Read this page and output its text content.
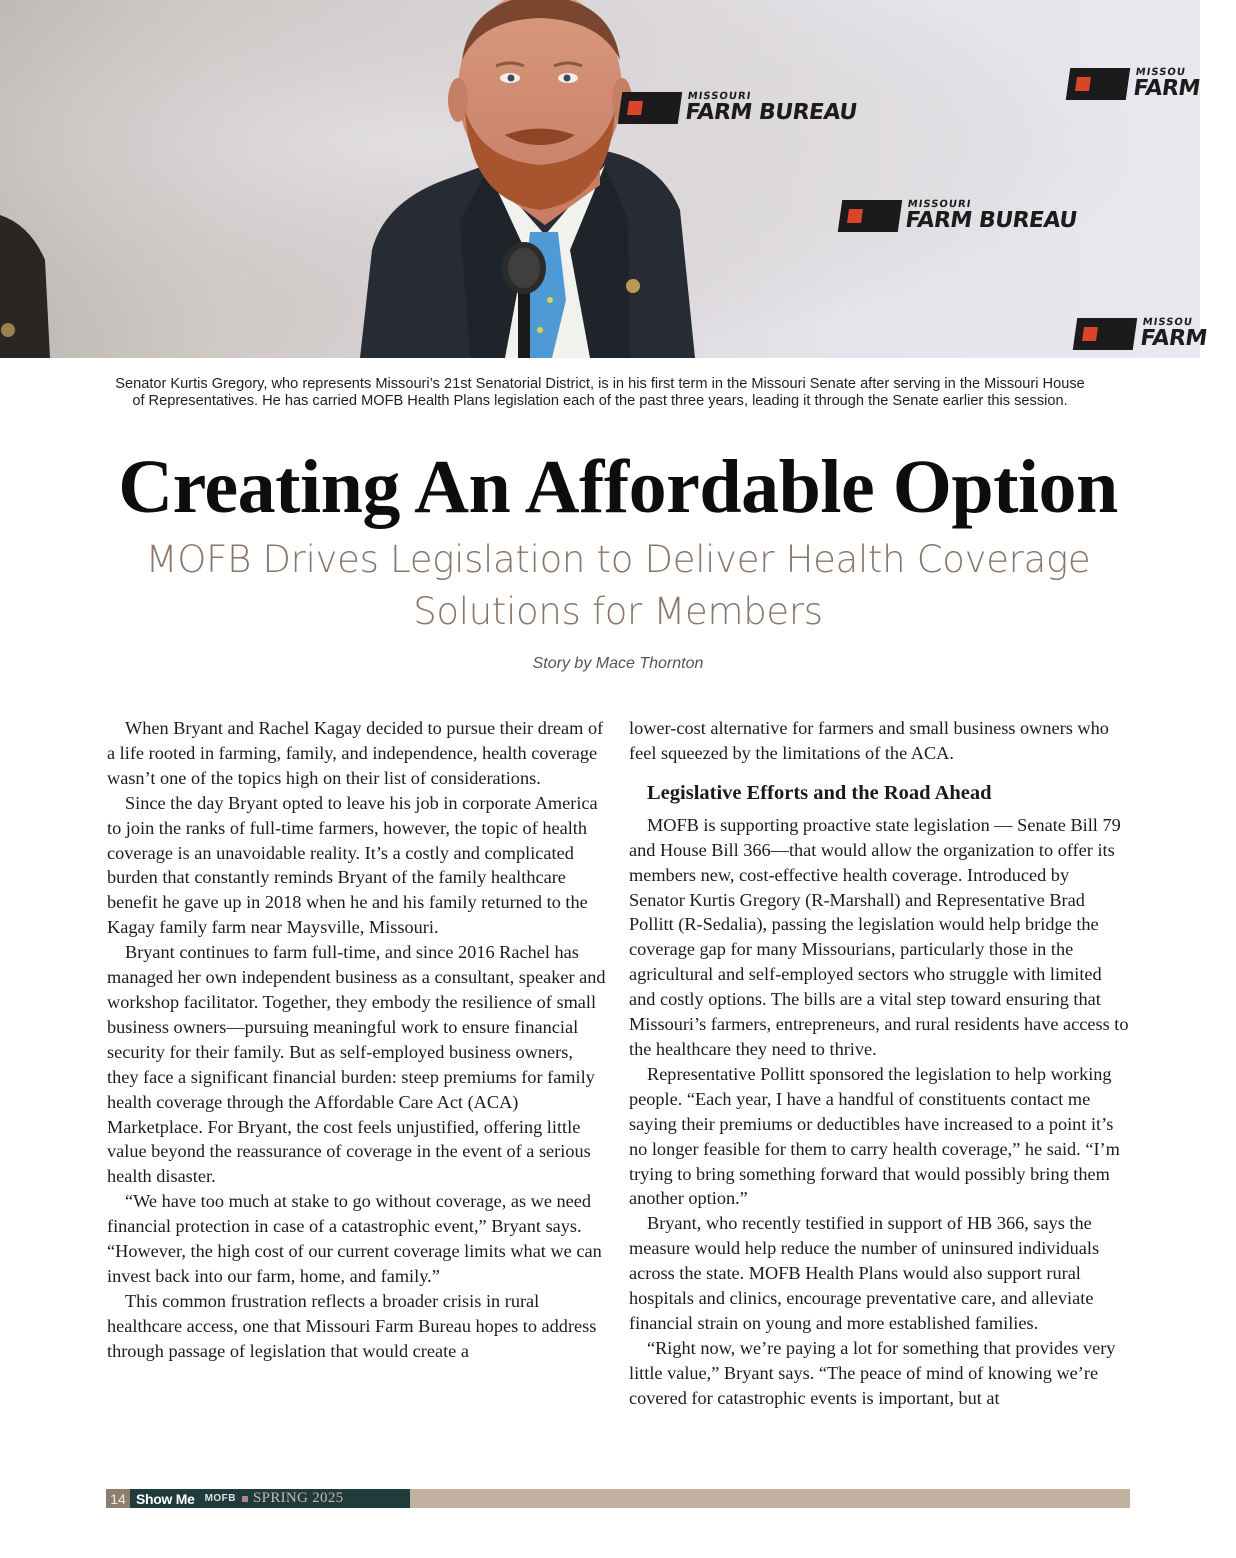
MISSOURI
FARM BUREAU
MISSOURI
FARM BUREAU
MISSOU
FARM
MISSOU
FARM
Senator Kurtis Gregory, who represents Missouri’s 21st Senatorial District, is in his first term in the Missouri Senate after serving in the Missouri House
of Representatives. He has carried MOFB Health Plans legislation each of the past three years, leading it through the Senate earlier this session.
Creating An Affordable Option
MOFB Drives Legislation to Deliver Health Coverage
Solutions for Members
Story by Mace Thornton

When Bryant and Rachel Kagay decided to pursue their dream of a life rooted in farming, family, and independence, health coverage wasn’t one of the topics high on their list of considerations.

Since the day Bryant opted to leave his job in corporate America to join the ranks of full-time farmers, however, the topic of health coverage is an unavoidable reality. It’s a costly and complicated burden that constantly reminds Bryant of the family healthcare benefit he gave up in 2018 when he and his family returned to the Kagay family farm near Maysville, Missouri.

Bryant continues to farm full-time, and since 2016 Rachel has managed her own independent business as a consultant, speaker and workshop facilitator. Together, they embody the resilience of small business owners—pursuing meaningful work to ensure financial security for their family. But as self-employed business owners, they face a significant financial burden: steep premiums for family health coverage through the Affordable Care Act (ACA) Marketplace. For Bryant, the cost feels unjustified, offering little value beyond the reassurance of coverage in the event of a serious health disaster.

“We have too much at stake to go without coverage, as we need financial protection in case of a catastrophic event,” Bryant says. “However, the high cost of our current coverage limits what we can invest back into our farm, home, and family.”

This common frustration reflects a broader crisis in rural healthcare access, one that Missouri Farm Bureau hopes to address through passage of legislation that would create a

lower-cost alternative for farmers and small business owners who feel squeezed by the limitations of the ACA.

Legislative Efforts and the Road Ahead

MOFB is supporting proactive state legislation — Senate Bill 79 and House Bill 366—that would allow the organization to offer its members new, cost-effective health coverage. Introduced by Senator Kurtis Gregory (R-Marshall) and Representative Brad Pollitt (R-Sedalia), passing the legislation would help bridge the coverage gap for many Missourians, particularly those in the agricultural and self-employed sectors who struggle with limited and costly options. The bills are a vital step toward ensuring that Missouri’s farmers, entrepreneurs, and rural residents have access to the healthcare they need to thrive.

Representative Pollitt sponsored the legislation to help working people. “Each year, I have a handful of constituents contact me saying their premiums or deductibles have increased to a point it’s no longer feasible for them to carry health coverage,” he said. “I’m trying to bring something forward that would possibly bring them another option.”

Bryant, who recently testified in support of HB 366, says the measure would help reduce the number of uninsured individuals across the state. MOFB Health Plans would also support rural hospitals and clinics, encourage preventative care, and alleviate financial strain on young and more established families.

“Right now, we’re paying a lot for something that provides very little value,” Bryant says. “The peace of mind of knowing we’re covered for catastrophic events is important, but at

14 Show Me MOFB SPRING 2025
